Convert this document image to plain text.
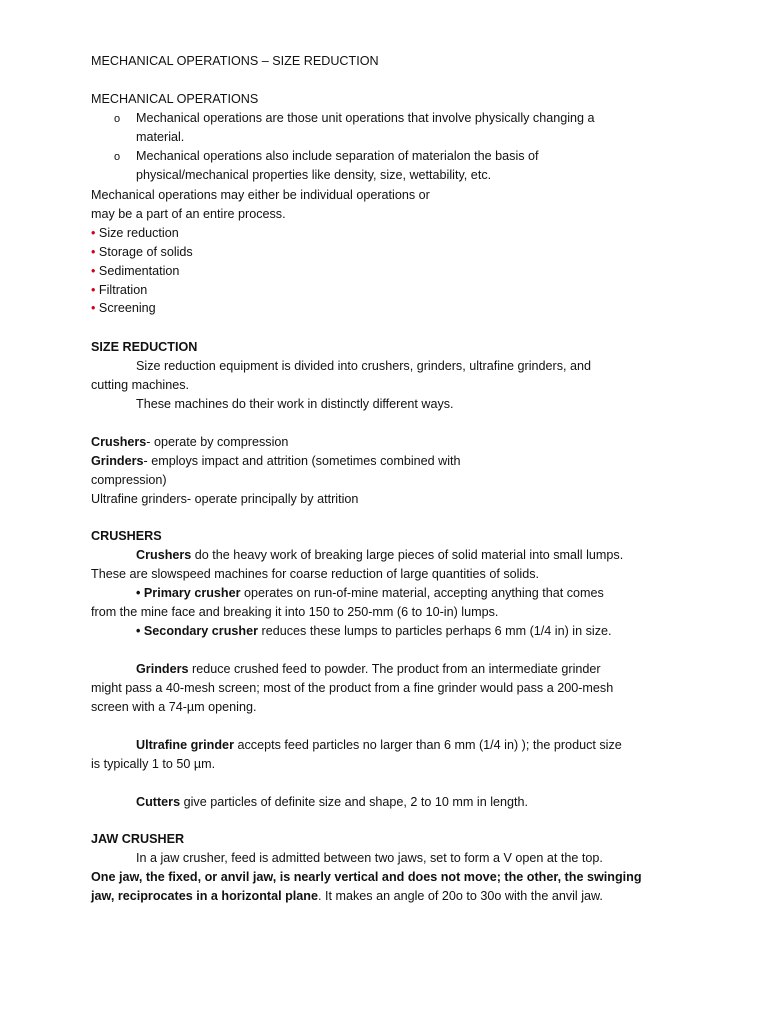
MECHANICAL OPERATIONS – SIZE REDUCTION
MECHANICAL OPERATIONS
o Mechanical operations are those unit operations that involve physically changing a
material.
o Mechanical operations also include separation of materialon the basis of
physical/mechanical properties like density, size, wettability, etc.
Mechanical operations may either be individual operations or
may be a part of an entire process.
• Size reduction
• Storage of solids
• Sedimentation
• Filtration
• Screening
SIZE REDUCTION
Size reduction equipment is divided into crushers, grinders, ultrafine grinders, and
cutting machines.
These machines do their work in distinctly different ways.
Crushers- operate by compression
Grinders- employs impact and attrition (sometimes combined with
compression)
Ultrafine grinders- operate principally by attrition
CRUSHERS
Crushers do the heavy work of breaking large pieces of solid material into small lumps.
These are slowspeed machines for coarse reduction of large quantities of solids.
• Primary crusher operates on run-of-mine material, accepting anything that comes
from the mine face and breaking it into 150 to 250-mm (6 to 10-in) lumps.
• Secondary crusher reduces these lumps to particles perhaps 6 mm (1/4 in) in size.
Grinders reduce crushed feed to powder. The product from an intermediate grinder
might pass a 40-mesh screen; most of the product from a fine grinder would pass a 200-mesh
screen with a 74-µm opening.
Ultrafine grinder accepts feed particles no larger than 6 mm (1/4 in) ); the product size
is typically 1 to 50 µm.
Cutters give particles of definite size and shape, 2 to 10 mm in length.
JAW CRUSHER
In a jaw crusher, feed is admitted between two jaws, set to form a V open at the top.
One jaw, the fixed, or anvil jaw, is nearly vertical and does not move; the other, the swinging
jaw, reciprocates in a horizontal plane. It makes an angle of 20o to 30o with the anvil jaw.
